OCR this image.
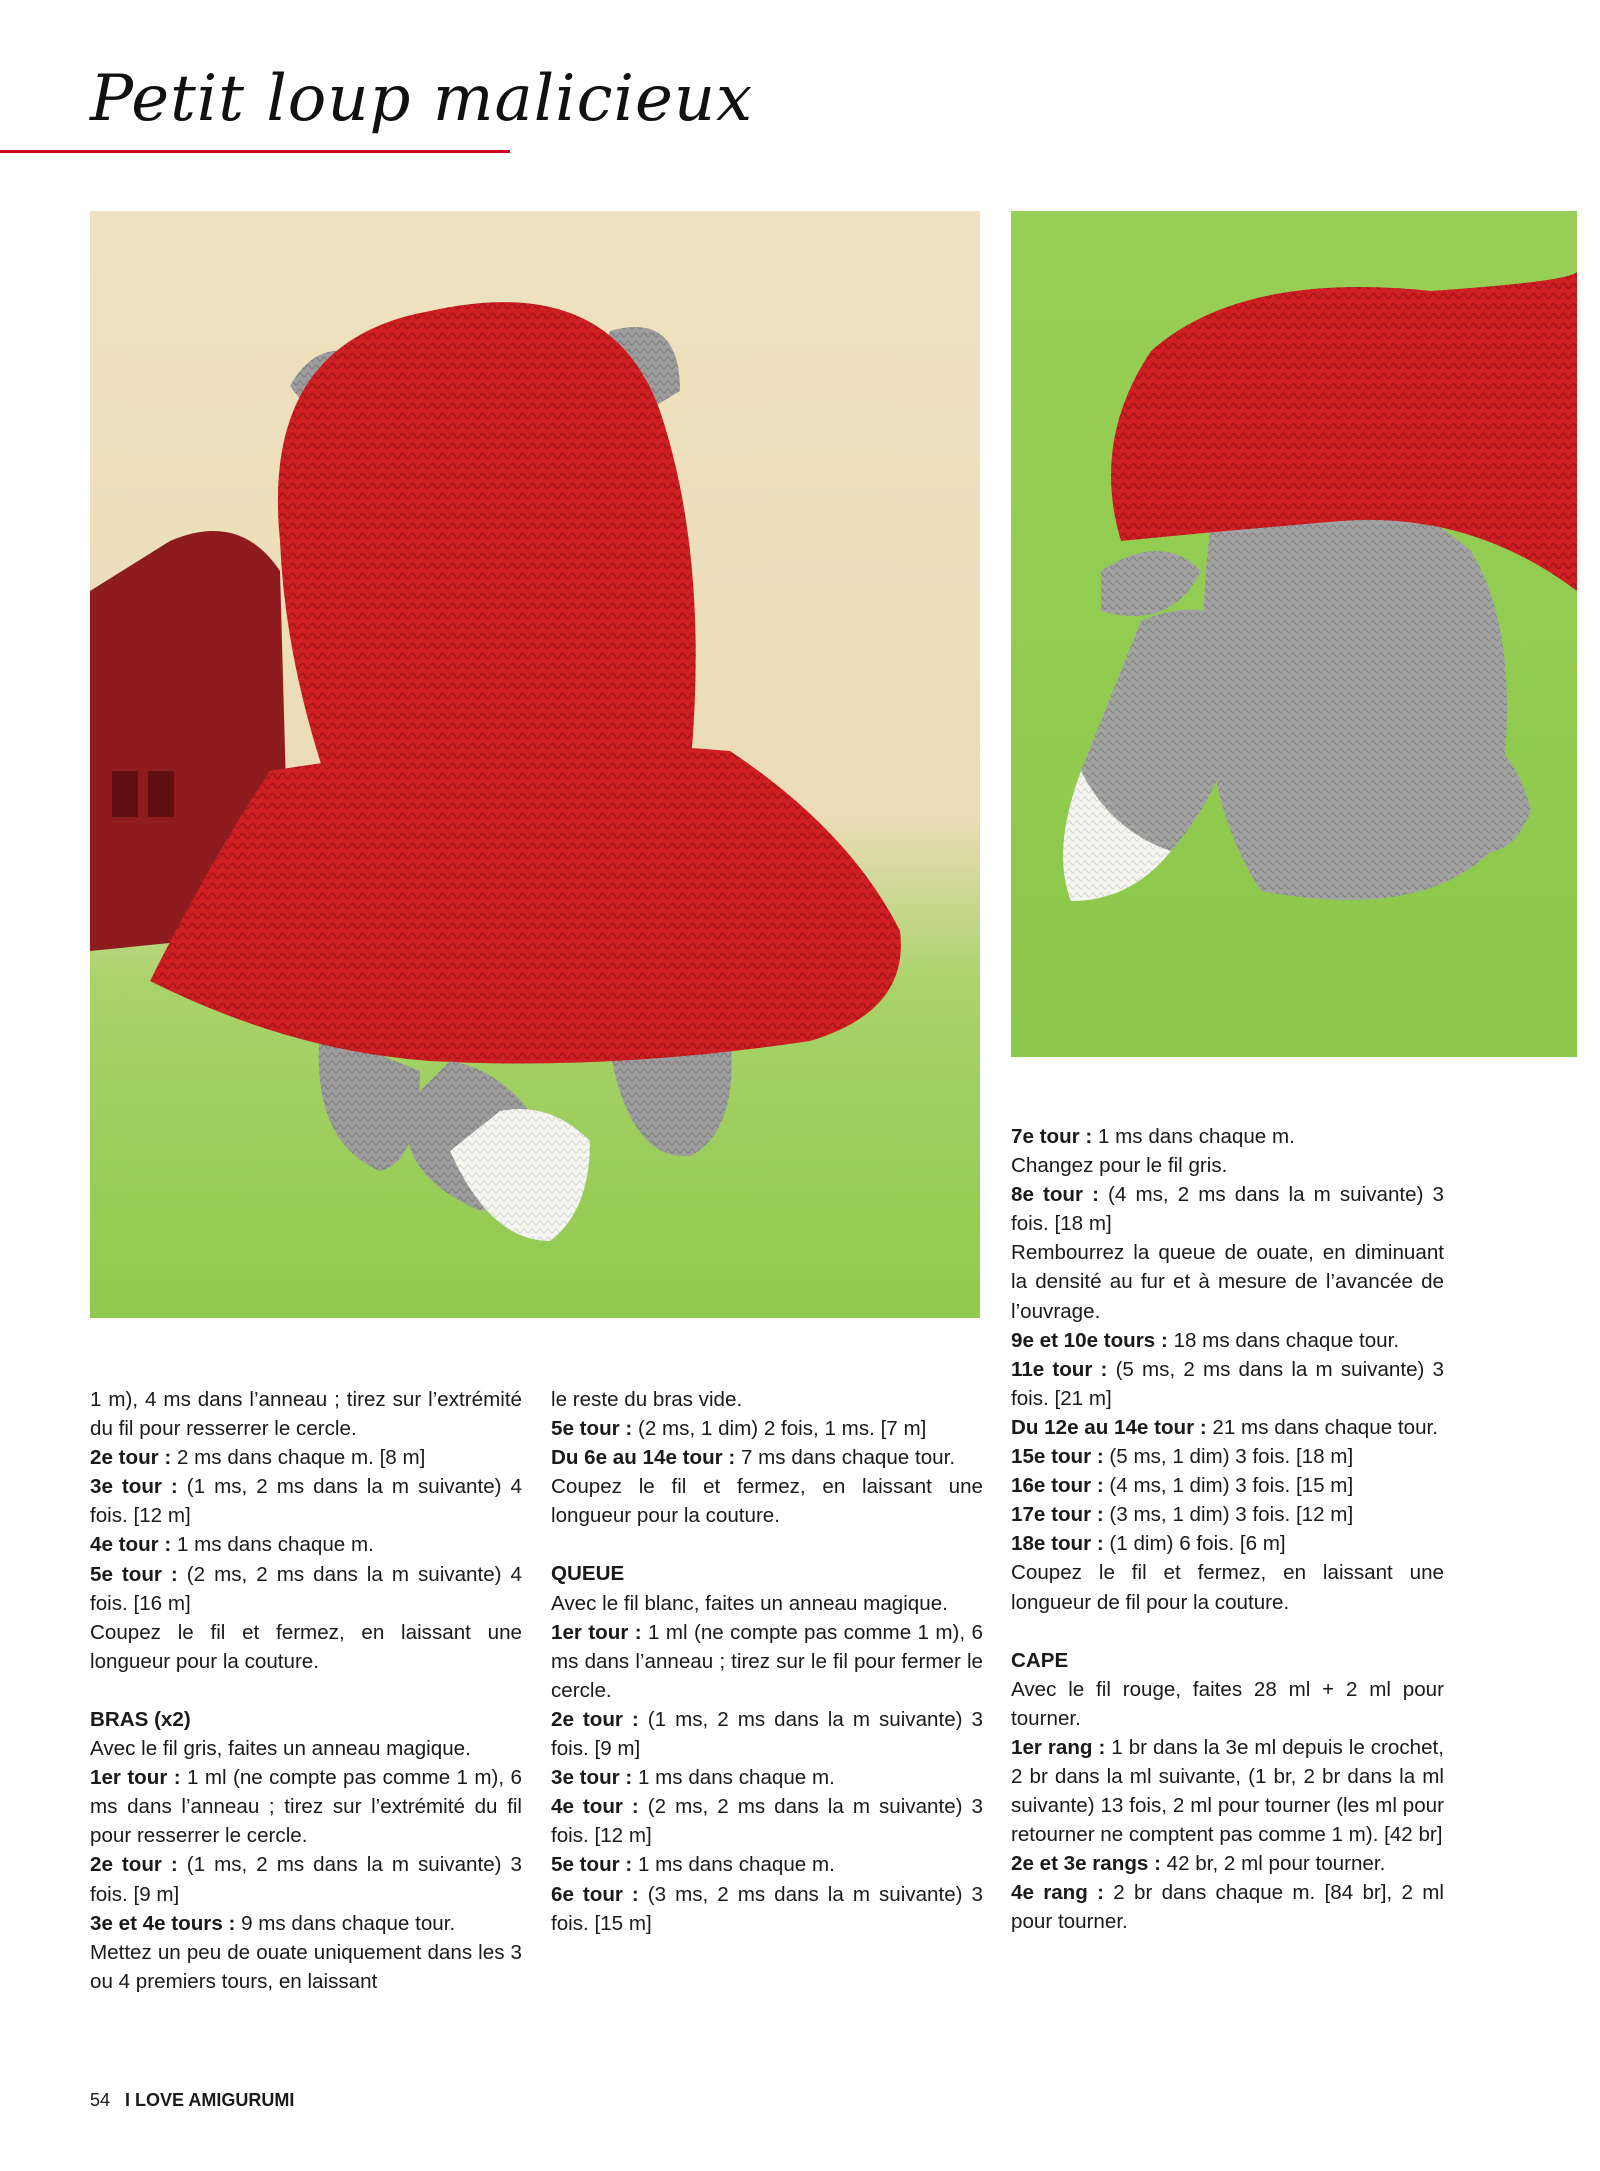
Petit loup malicieux

1 m), 4 ms dans l’anneau ; tirez sur l’extrémité du fil pour resserrer le cercle.

2e tour : 2 ms dans chaque m. [8 m]

3e tour : (1 ms, 2 ms dans la m suivante) 4 fois. [12 m]

4e tour : 1 ms dans chaque m.

5e tour : (2 ms, 2 ms dans la m suivante) 4 fois. [16 m]

Coupez le fil et fermez, en laissant une longueur pour la couture.

BRAS (x2)

Avec le fil gris, faites un anneau magique.

1er tour : 1 ml (ne compte pas comme 1 m), 6 ms dans l’anneau ; tirez sur l’extrémité du fil pour resserrer le cercle.

2e tour : (1 ms, 2 ms dans la m suivante) 3 fois. [9 m]

3e et 4e tours : 9 ms dans chaque tour.

Mettez un peu de ouate uniquement dans les 3 ou 4 premiers tours, en laissant

le reste du bras vide.

5e tour : (2 ms, 1 dim) 2 fois, 1 ms. [7 m]

Du 6e au 14e tour : 7 ms dans chaque tour.

Coupez le fil et fermez, en laissant une longueur pour la couture.

QUEUE

Avec le fil blanc, faites un anneau magique.

1er tour : 1 ml (ne compte pas comme 1 m), 6 ms dans l’anneau ; tirez sur le fil pour fermer le cercle.

2e tour : (1 ms, 2 ms dans la m suivante) 3 fois. [9 m]

3e tour : 1 ms dans chaque m.

4e tour : (2 ms, 2 ms dans la m suivante) 3 fois. [12 m]

5e tour : 1 ms dans chaque m.

6e tour : (3 ms, 2 ms dans la m suivante) 3 fois. [15 m]

7e tour : 1 ms dans chaque m.

Changez pour le fil gris.

8e tour : (4 ms, 2 ms dans la m suivante) 3 fois. [18 m]

Rembourrez la queue de ouate, en diminuant la densité au fur et à mesure de l’avancée de l’ouvrage.

9e et 10e tours : 18 ms dans chaque tour.

11e tour : (5 ms, 2 ms dans la m suivante) 3 fois. [21 m]

Du 12e au 14e tour : 21 ms dans chaque tour.

15e tour : (5 ms, 1 dim) 3 fois. [18 m]

16e tour : (4 ms, 1 dim) 3 fois. [15 m]

17e tour : (3 ms, 1 dim) 3 fois. [12 m]

18e tour : (1 dim) 6 fois. [6 m]

Coupez le fil et fermez, en laissant une longueur de fil pour la couture.

CAPE

Avec le fil rouge, faites 28 ml + 2 ml pour tourner.

1er rang : 1 br dans la 3e ml depuis le crochet, 2 br dans la ml suivante, (1 br, 2 br dans la ml suivante) 13 fois, 2 ml pour tourner (les ml pour retourner ne comptent pas comme 1 m). [42 br]

2e et 3e rangs : 42 br, 2 ml pour tourner.

4e rang : 2 br dans chaque m. [84 br], 2 ml pour tourner.

54 I LOVE AMIGURUMI
